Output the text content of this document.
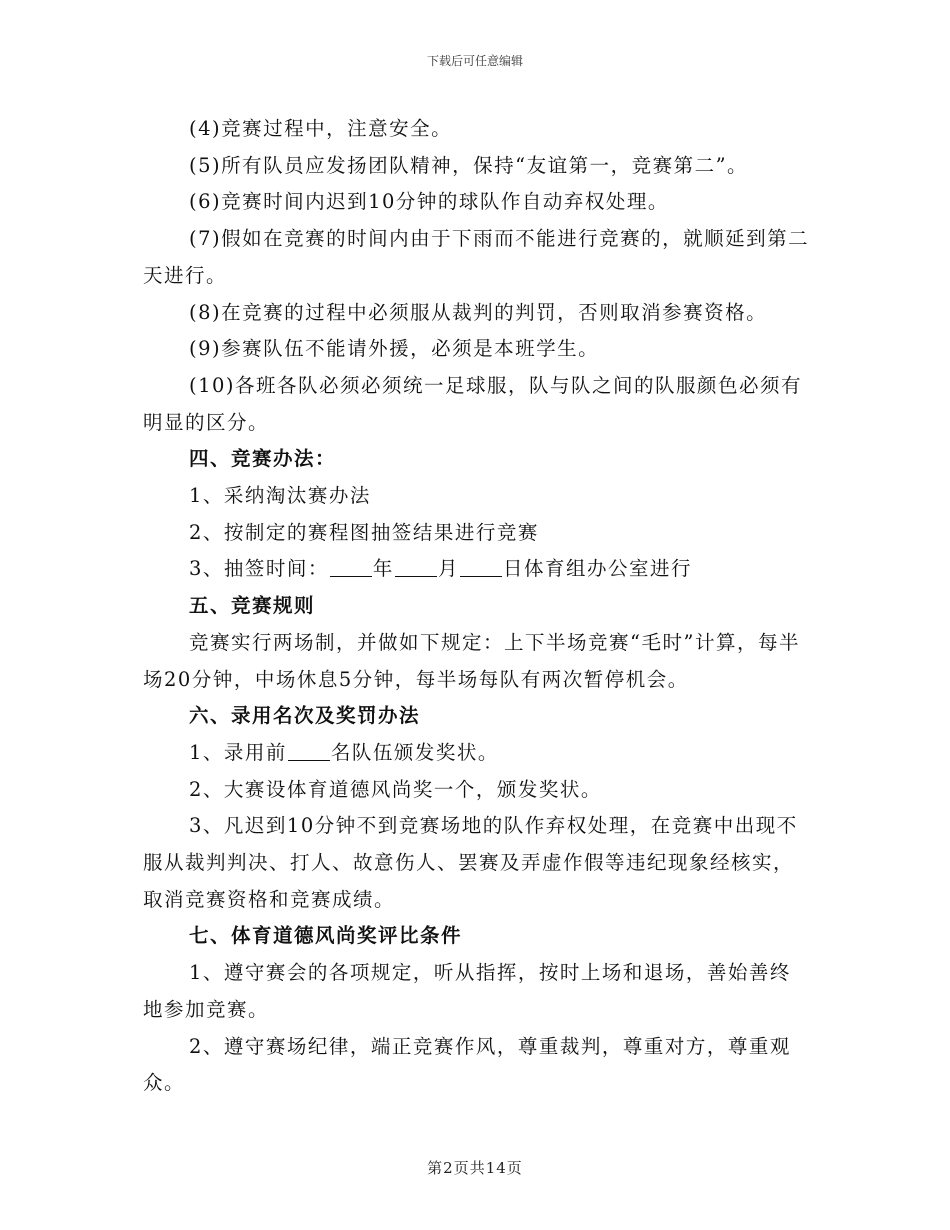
下载后可任意编辑

(4)竞赛过程中，注意安全。

(5)所有队员应发扬团队精神，保持“友谊第一，竞赛第二”。

(6)竞赛时间内迟到10分钟的球队作自动弃权处理。

(7)假如在竞赛的时间内由于下雨而不能进行竞赛的，就顺延到第二天进行。

(8)在竞赛的过程中必须服从裁判的判罚，否则取消参赛资格。

(9)参赛队伍不能请外援，必须是本班学生。

(10)各班各队必须必须统一足球服，队与队之间的队服颜色必须有明显的区分。

四、竞赛办法：

1、采纳淘汰赛办法

2、按制定的赛程图抽签结果进行竞赛

3、抽签时间： 年 月 日体育组办公室进行

五、竞赛规则

竞赛实行两场制，并做如下规定：上下半场竞赛“毛时”计算，每半场20分钟，中场休息5分钟，每半场每队有两次暂停机会。

六、录用名次及奖罚办法

1、录用前 名队伍颁发奖状。

2、大赛设体育道德风尚奖一个，颁发奖状。

3、凡迟到10分钟不到竞赛场地的队作弃权处理，在竞赛中出现不服从裁判判决、打人、故意伤人、罢赛及弄虚作假等违纪现象经核实，取消竞赛资格和竞赛成绩。

七、体育道德风尚奖评比条件

1、遵守赛会的各项规定，听从指挥，按时上场和退场，善始善终地参加竞赛。

2、遵守赛场纪律，端正竞赛作风，尊重裁判，尊重对方，尊重观众。

第2页共14页
